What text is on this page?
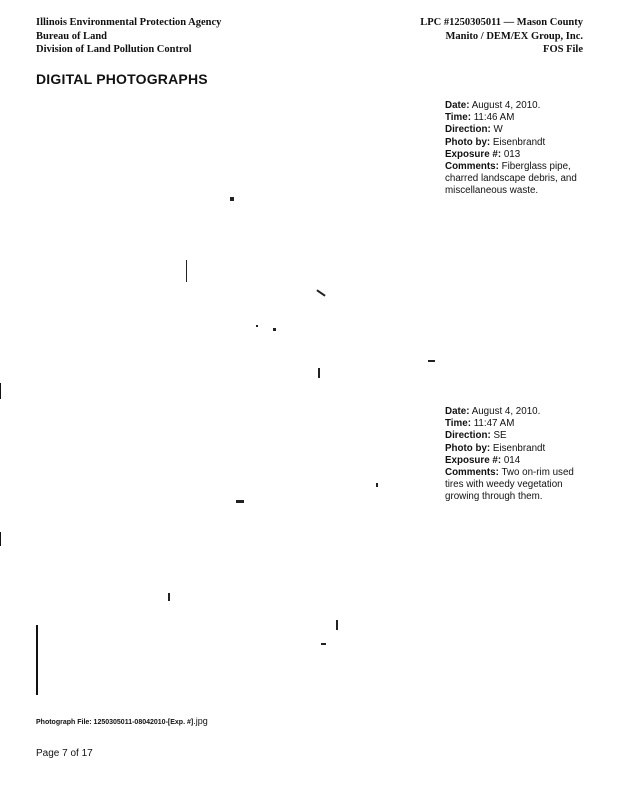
Illinois Environmental Protection Agency
Bureau of Land
Division of Land Pollution Control
LPC #1250305011 — Mason County
Manito / DEM/EX Group, Inc.
FOS File
DIGITAL PHOTOGRAPHS
Date: August 4, 2010.
Time: 11:46 AM
Direction: W
Photo by: Eisenbrandt
Exposure #: 013
Comments: Fiberglass pipe, charred landscape debris, and miscellaneous waste.
Date: August 4, 2010.
Time: 11:47 AM
Direction: SE
Photo by: Eisenbrandt
Exposure #: 014
Comments: Two on-rim used tires with weedy vegetation growing through them.
Photograph File: 1250305011-08042010-[Exp. #].jpg
Page 7 of 17
